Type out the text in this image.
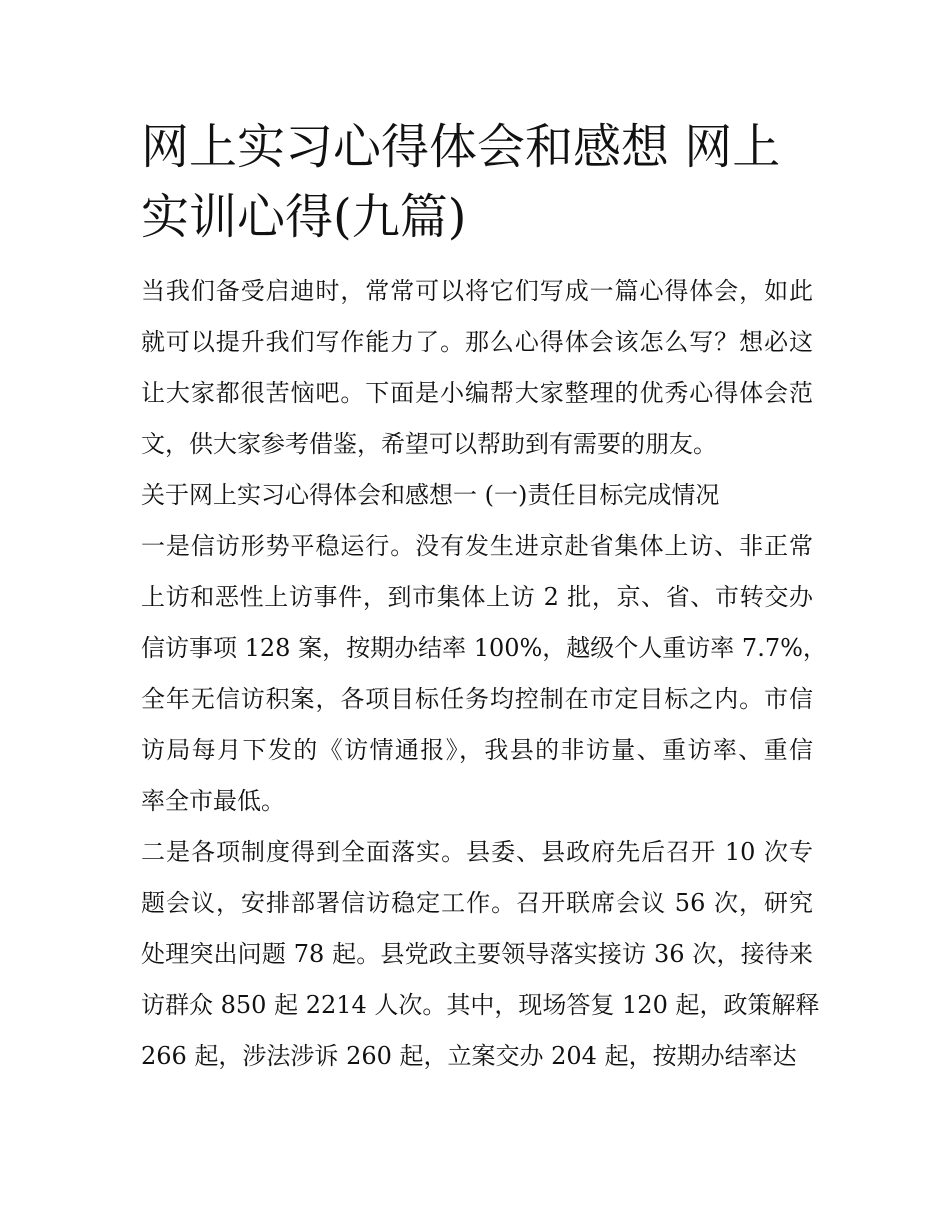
网上实习心得体会和感想 网上
实训心得(九篇)

当我们备受启迪时，常常可以将它们写成一篇心得体会，如此
就可以提升我们写作能力了。那么心得体会该怎么写？想必这
让大家都很苦恼吧。下面是小编帮大家整理的优秀心得体会范
文，供大家参考借鉴，希望可以帮助到有需要的朋友。

关于网上实习心得体会和感想一 (一)责任目标完成情况

一是信访形势平稳运行。没有发生进京赴省集体上访、非正常
上访和恶性上访事件，到市集体上访 2 批，京、省、市转交办
信访事项 128 案，按期办结率 100%，越级个人重访率 7.7%，
全年无信访积案，各项目标任务均控制在市定目标之内。市信
访局每月下发的《访情通报》，我县的非访量、重访率、重信
率全市最低。

二是各项制度得到全面落实。县委、县政府先后召开 10 次专
题会议，安排部署信访稳定工作。召开联席会议 56 次，研究
处理突出问题 78 起。县党政主要领导落实接访 36 次，接待来
访群众 850 起 2214 人次。其中，现场答复 120 起，政策解释
266 起，涉法涉诉 260 起，立案交办 204 起，按期办结率达
